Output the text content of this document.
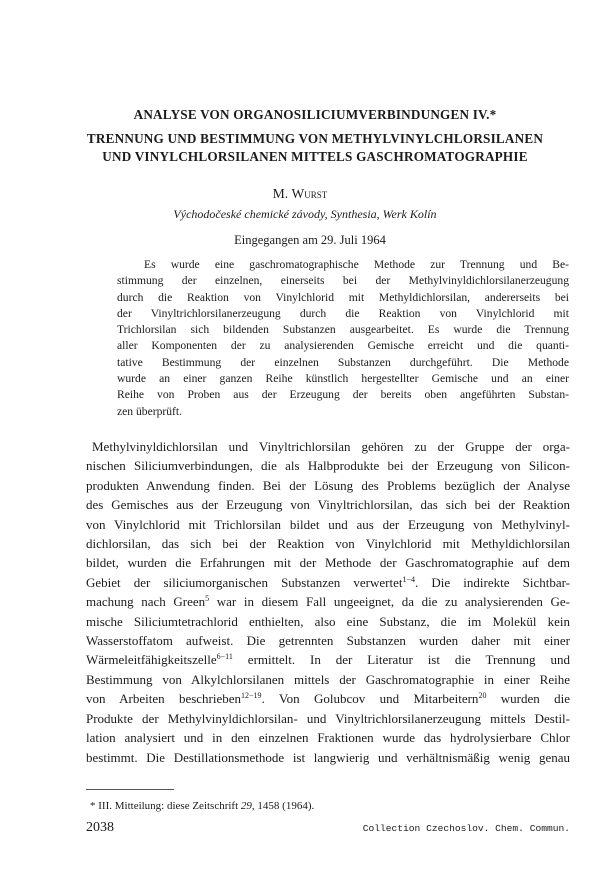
ANALYSE VON ORGANOSILICIUMVERBINDUNGEN IV.*
TRENNUNG UND BESTIMMUNG VON METHYLVINYLCHLORSILANEN
UND VINYLCHLORSILANEN MITTELS GASCHROMATOGRAPHIE
M. Wurst
Východočeské chemické závody, Synthesia, Werk Kolín
Eingegangen am 29. Juli 1964
Es wurde eine gaschromatographische Methode zur Trennung und Be-
stimmung der einzelnen, einerseits bei der Methylvinyldichlorsilanerzeugung
durch die Reaktion von Vinylchlorid mit Methyldichlorsilan, andererseits bei
der Vinyltrichlorsilanerzeugung durch die Reaktion von Vinylchlorid mit
Trichlorsilan sich bildenden Substanzen ausgearbeitet. Es wurde die Trennung
aller Komponenten der zu analysierenden Gemische erreicht und die quanti-
tative Bestimmung der einzelnen Substanzen durchgeführt. Die Methode
wurde an einer ganzen Reihe künstlich hergestellter Gemische und an einer
Reihe von Proben aus der Erzeugung der bereits oben angeführten Substan-
zen überprüft.
Methylvinyldichlorsilan und Vinyltrichlorsilan gehören zu der Gruppe der orga-
nischen Siliciumverbindungen, die als Halbprodukte bei der Erzeugung von Silicon-
produkten Anwendung finden. Bei der Lösung des Problems bezüglich der Analyse
des Gemisches aus der Erzeugung von Vinyltrichlorsilan, das sich bei der Reaktion
von Vinylchlorid mit Trichlorsilan bildet und aus der Erzeugung von Methylvinyl-
dichlorsilan, das sich bei der Reaktion von Vinylchlorid mit Methyldichlorsilan
bildet, wurden die Erfahrungen mit der Methode der Gaschromatographie auf dem
Gebiet der siliciumorganischen Substanzen verwertet$^{1-4}$. Die indirekte Sichtbar-
machung nach Green$^5$ war in diesem Fall ungeeignet, da die zu analysierenden Ge-
mische Siliciumtetrachlorid enthielten, also eine Substanz, die im Molekül kein
Wasserstoffatom aufweist. Die getrennten Substanzen wurden daher mit einer
Wärmeleitfähigkeitszelle$^{6-11}$ ermittelt. In der Literatur ist die Trennung und
Bestimmung von Alkylchlorsilanen mittels der Gaschromatographie in einer Reihe
von Arbeiten beschrieben$^{12-19}$. Von Golubcov und Mitarbeitern$^{20}$ wurden die
Produkte der Methylvinyldichlorsilan- und Vinyltrichlorsilanerzeugung mittels Destil-
lation analysiert und in den einzelnen Fraktionen wurde das hydrolysierbare Chlor
bestimmt. Die Destillationsmethode ist langwierig und verhältnismäßig wenig genau
* III. Mitteilung: diese Zeitschrift 29, 1458 (1964).
2038	Collection Czechoslov. Chem. Commun.
